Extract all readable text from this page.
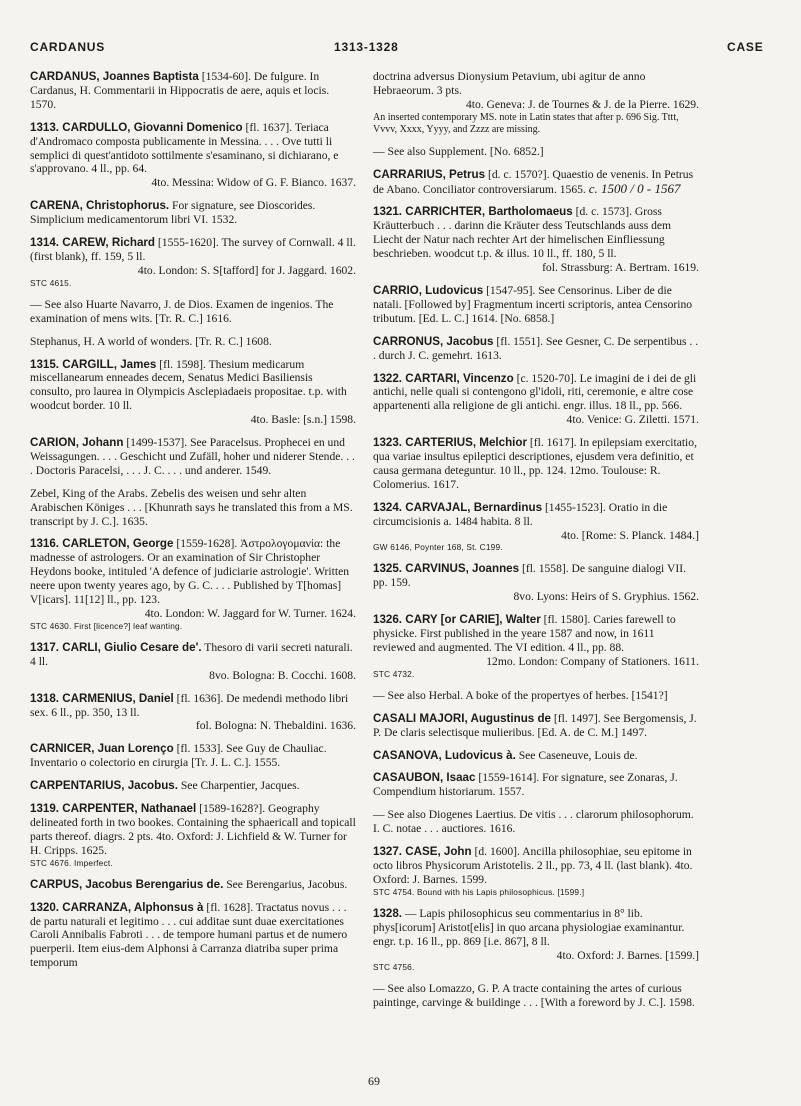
CARDANUS	1313-1328	CASE
CARDANUS, Joannes Baptista [1534-60]. De fulgure. In Cardanus, H. Commentarii in Hippocratis de aere, aquis et locis. 1570.
1313. CARDULLO, Giovanni Domenico [fl. 1637]. Teriaca d'Andromaco composta publicamente in Messina. . . . Ove tutti li semplici di quest'antidoto sottilmente s'esaminano, si dichiarano, e s'approvano. 4 ll., pp. 64.
4to. Messina: Widow of G. F. Bianco. 1637.
CARENA, Christophorus. For signature, see Dioscorides. Simplicium medicamentorum libri VI. 1532.
1314. CAREW, Richard [1555-1620]. The survey of Cornwall. 4 ll. (first blank), ff. 159, 5 ll.
4to. London: S. S[tafford] for J. Jaggard. 1602.
STC 4615.
— See also Huarte Navarro, J. de Dios. Examen de ingenios. The examination of mens wits. [Tr. R. C.] 1616.
Stephanus, H. A world of wonders. [Tr. R. C.] 1608.
1315. CARGILL, James [fl. 1598]. Thesium medicarum miscellanearum enneades decem, Senatus Medici Basiliensis consulto, pro laurea in Olympicis Asclepiadaeis propositae. t.p. with woodcut border. 10 ll.
4to. Basle: [s.n.] 1598.
CARION, Johann [1499-1537]. See Paracelsus. Prophecei en und Weissagungen. . . . Geschicht und Zufäll, hoher und niderer Stende. . . . Doctoris Paracelsi, . . . J. C. . . . und anderer. 1549.
Zebel, King of the Arabs. Zebelis des weisen und sehr alten Arabischen Königes . . . [Khunrath says he translated this from a MS. transcript by J. C.]. 1635.
1316. CARLETON, George [1559-1628]. Ἀστρολογομανία: the madnesse of astrologers. Or an examination of Sir Christopher Heydons booke, intituled 'A defence of judiciarie astrologie'. Written neere upon twenty yeares ago, by G. C. . . . Published by T[homas] V[icars]. 11[12] ll., pp. 123.
4to. London: W. Jaggard for W. Turner. 1624.
STC 4630. First [licence?] leaf wanting.
1317. CARLI, Giulio Cesare de'. Thesoro di varii secreti naturali. 4 ll.
8vo. Bologna: B. Cocchi. 1608.
1318. CARMENIUS, Daniel [fl. 1636]. De medendi methodo libri sex. 6 ll., pp. 350, 13 ll.
fol. Bologna: N. Thebaldini. 1636.
CARNICER, Juan Lorenço [fl. 1533]. See Guy de Chauliac. Inventario o colectorio en cirurgia [Tr. J. L. C.]. 1555.
CARPENTARIUS, Jacobus. See Charpentier, Jacques.
1319. CARPENTER, Nathanael [1589-1628?]. Geography delineated forth in two bookes. Containing the sphaericall and topicall parts thereof. diagrs. 2 pts. 4to. Oxford: J. Lichfield & W. Turner for H. Cripps. 1625.
STC 4676. Imperfect.
CARPUS, Jacobus Berengarius de. See Berengarius, Jacobus.
1320. CARRANZA, Alphonsus à [fl. 1628]. Tractatus novus . . . de partu naturali et legitimo . . . cui additae sunt duae exercitationes Caroli Annibalis Fabroti . . . de tempore humani partus et de numero puerperii. Item eius-dem Alphonsi à Carranza diatriba super prima temporum
doctrina adversus Dionysium Petavium, ubi agitur de anno Hebraeorum. 3 pts.
4to. Geneva: J. de Tournes & J. de la Pierre. 1629.
An inserted contemporary MS. note in Latin states that after p. 696 Sig. Tttt, Vvvv, Xxxx, Yyyy, and Zzzz are missing.
— See also Supplement. [No. 6852.]
CARRARIUS, Petrus [d. c. 1570?]. Quaestio de venenis. In Petrus de Abano. Conciliator controversiarum. 1565. c. 1500 / 0 - 1567
1321. CARRICHTER, Bartholomaeus [d. c. 1573]. Gross Kräutterbuch . . . darinn die Kräuter dess Teutschlands auss dem Liecht der Natur nach rechter Art der himelischen Einfliessung beschrieben. woodcut t.p. & illus. 10 ll., ff. 180, 5 ll.
fol. Strassburg: A. Bertram. 1619.
CARRIO, Ludovicus [1547-95]. See Censorinus. Liber de die natali. [Followed by] Fragmentum incerti scriptoris, antea Censorino tributum. [Ed. L. C.] 1614. [No. 6858.]
CARRONUS, Jacobus [fl. 1551]. See Gesner, C. De serpentibus . . . durch J. C. gemehrt. 1613.
1322. CARTARI, Vincenzo [c. 1520-70]. Le imagini de i dei de gli antichi, nelle quali si contengono gl'idoli, riti, ceremonie, e altre cose appartenenti alla religione de gli antichi. engr. illus. 18 ll., pp. 566.
4to. Venice: G. Ziletti. 1571.
1323. CARTERIUS, Melchior [fl. 1617]. In epilepsiam exercitatio, qua variae insultus epileptici descriptiones, ejusdem vera definitio, et causa germana deteguntur. 10 ll., pp. 124. 12mo. Toulouse: R. Colomerius. 1617.
1324. CARVAJAL, Bernardinus [1455-1523]. Oratio in die circumcisionis a. 1484 habita. 8 ll.
4to. [Rome: S. Planck. 1484.]
GW 6146, Poynter 168, St. C199.
1325. CARVINUS, Joannes [fl. 1558]. De sanguine dialogi VII. pp. 159.
8vo. Lyons: Heirs of S. Gryphius. 1562.
1326. CARY [or CARIE], Walter [fl. 1580]. Caries farewell to physicke. First published in the yeare 1587 and now, in 1611 reviewed and augmented. The VI edition. 4 ll., pp. 88.
12mo. London: Company of Stationers. 1611.
STC 4732.
— See also Herbal. A boke of the propertyes of herbes. [1541?]
CASALI MAJORI, Augustinus de [fl. 1497]. See Bergomensis, J. P. De claris selectisque mulieribus. [Ed. A. de C. M.] 1497.
CASANOVA, Ludovicus à. See Caseneuve, Louis de.
CASAUBON, Isaac [1559-1614]. For signature, see Zonaras, J. Compendium historiarum. 1557.
— See also Diogenes Laertius. De vitis . . . clarorum philosophorum. I. C. notae . . . auctiores. 1616.
1327. CASE, John [d. 1600]. Ancilla philosophiae, seu epitome in octo libros Physicorum Aristotelis. 2 ll., pp. 73, 4 ll. (last blank). 4to. Oxford: J. Barnes. 1599.
STC 4754. Bound with his Lapis philosophicus. [1599.]
1328. — Lapis philosophicus seu commentarius in 8° lib. phys[icorum] Aristot[elis] in quo arcana physiologiae examinantur. engr. t.p. 16 ll., pp. 869 [i.e. 867], 8 ll.
4to. Oxford: J. Barnes. [1599.]
STC 4756.
— See also Lomazzo, G. P. A tracte containing the artes of curious paintinge, carvinge & buildinge . . . [With a foreword by J. C.]. 1598.
69
